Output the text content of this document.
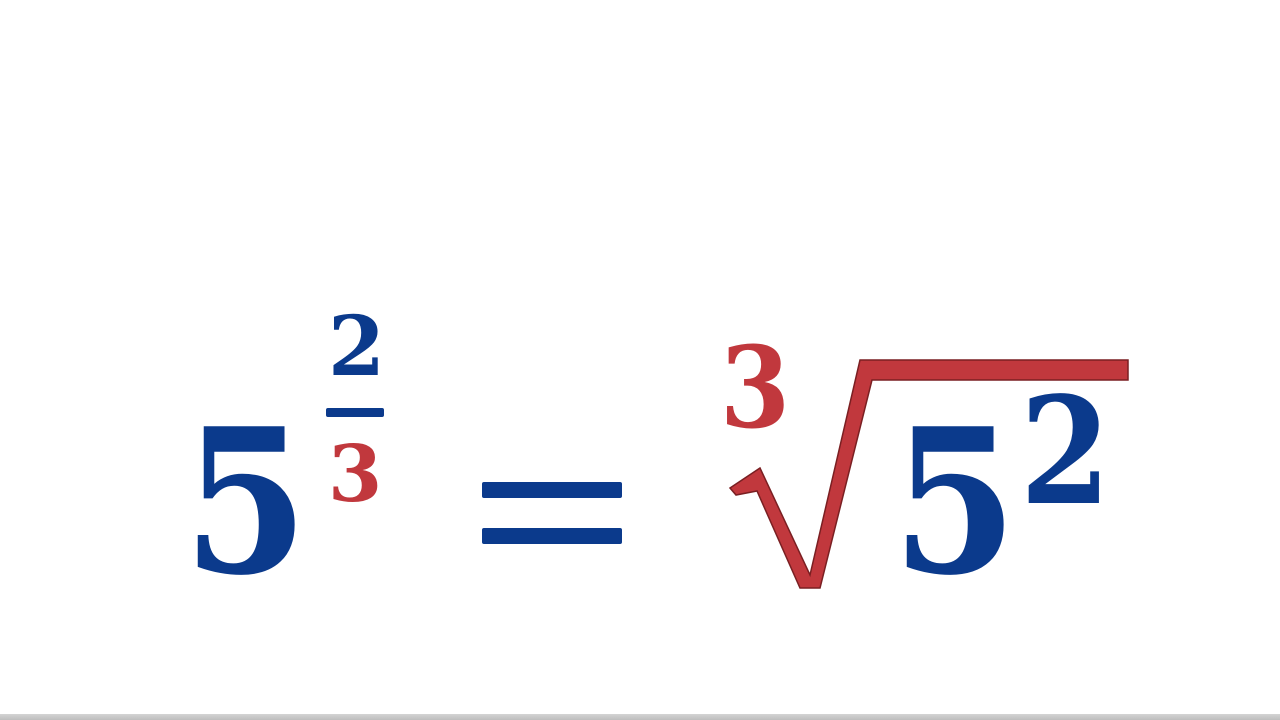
5
2
3
3 5 2
